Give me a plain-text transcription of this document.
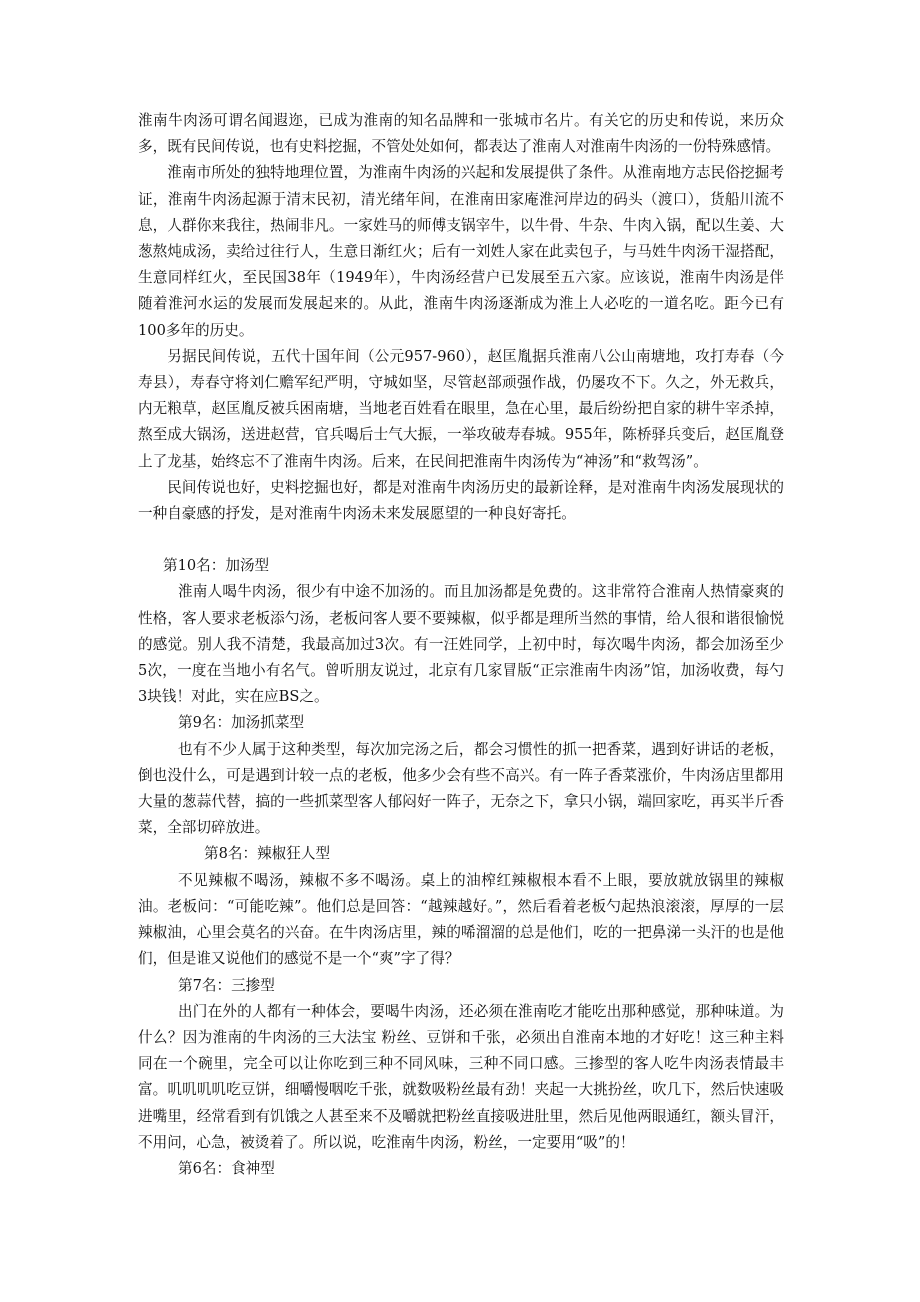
淮南牛肉汤可谓名闻遐迩，已成为淮南的知名品牌和一张城市名片。有关它的历史和传说，来历众多，既有民间传说，也有史料挖掘，不管处处如何，都表达了淮南人对淮南牛肉汤的一份特殊感情。

淮南市所处的独特地理位置，为淮南牛肉汤的兴起和发展提供了条件。从淮南地方志民俗挖掘考证，淮南牛肉汤起源于清末民初，清光绪年间，在淮南田家庵淮河岸边的码头（渡口），货船川流不息，人群你来我往，热闹非凡。一家姓马的师傅支锅宰牛，以牛骨、牛杂、牛肉入锅，配以生姜、大葱熬炖成汤，卖给过往行人，生意日渐红火；后有一刘姓人家在此卖包子，与马姓牛肉汤干湿搭配，生意同样红火，至民国38年（1949年），牛肉汤经营户已发展至五六家。应该说，淮南牛肉汤是伴随着淮河水运的发展而发展起来的。从此，淮南牛肉汤逐渐成为淮上人必吃的一道名吃。距今已有100多年的历史。

另据民间传说，五代十国年间（公元957-960），赵匡胤据兵淮南八公山南塘地，攻打寿春（今寿县），寿春守将刘仁赡军纪严明，守城如坚，尽管赵部顽强作战，仍屡攻不下。久之，外无救兵，内无粮草，赵匡胤反被兵困南塘，当地老百姓看在眼里，急在心里，最后纷纷把自家的耕牛宰杀掉，熬至成大锅汤，送进赵营，官兵喝后士气大振，一举攻破寿春城。955年，陈桥驿兵变后，赵匡胤登上了龙基，始终忘不了淮南牛肉汤。后来，在民间把淮南牛肉汤传为“神汤”和“救驾汤”。

民间传说也好，史料挖掘也好，都是对淮南牛肉汤历史的最新诠释，是对淮南牛肉汤发展现状的一种自豪感的抒发，是对淮南牛肉汤未来发展愿望的一种良好寄托。

第10名：加汤型

淮南人喝牛肉汤，很少有中途不加汤的。而且加汤都是免费的。这非常符合淮南人热情豪爽的性格，客人要求老板添勺汤，老板问客人要不要辣椒，似乎都是理所当然的事情，给人很和谐很愉悦的感觉。别人我不清楚，我最高加过3次。有一汪姓同学，上初中时，每次喝牛肉汤，都会加汤至少5次，一度在当地小有名气。曾听朋友说过，北京有几家冒版“正宗淮南牛肉汤”馆，加汤收费，每勺3块钱！对此，实在应BS之。

第9名：加汤抓菜型

也有不少人属于这种类型，每次加完汤之后，都会习惯性的抓一把香菜，遇到好讲话的老板，倒也没什么，可是遇到计较一点的老板，他多少会有些不高兴。有一阵子香菜涨价，牛肉汤店里都用大量的葱蒜代替，搞的一些抓菜型客人郁闷好一阵子，无奈之下，拿只小锅，端回家吃，再买半斤香菜，全部切碎放进。

第8名：辣椒狂人型

不见辣椒不喝汤，辣椒不多不喝汤。桌上的油榨红辣椒根本看不上眼，要放就放锅里的辣椒油。老板问：“可能吃辣”。他们总是回答：“越辣越好。”，然后看着老板勺起热浪滚滚，厚厚的一层辣椒油，心里会莫名的兴奋。在牛肉汤店里，辣的唏溜溜的总是他们，吃的一把鼻涕一头汗的也是他们，但是谁又说他们的感觉不是一个“爽”字了得？

第7名：三掺型

出门在外的人都有一种体会，要喝牛肉汤，还必须在淮南吃才能吃出那种感觉，那种味道。为什么？因为淮南的牛肉汤的三大法宝 粉丝、豆饼和千张，必须出自淮南本地的才好吃！这三种主料同在一个碗里，完全可以让你吃到三种不同风味，三种不同口感。三掺型的客人吃牛肉汤表情最丰富。叽叽叽叽吃豆饼，细嚼慢咽吃千张，就数吸粉丝最有劲！夹起一大挑扮丝，吹几下，然后快速吸进嘴里，经常看到有饥饿之人甚至来不及嚼就把粉丝直接吸进肚里，然后见他两眼通红，额头冒汗，不用问，心急，被烫着了。所以说，吃淮南牛肉汤，粉丝，一定要用“吸”的！

第6名：食神型
